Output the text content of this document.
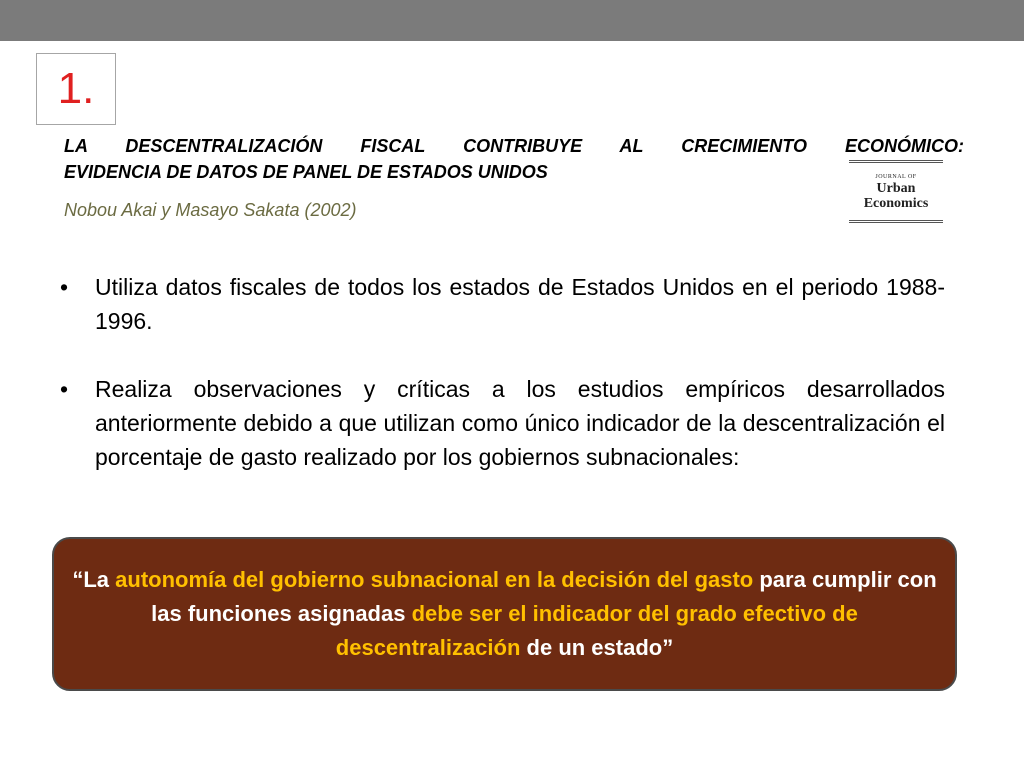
1.
LA DESCENTRALIZACIÓN FISCAL CONTRIBUYE AL CRECIMIENTO ECONÓMICO:
EVIDENCIA DE DATOS DE PANEL DE ESTADOS UNIDOS
Nobou Akai y Masayo Sakata (2002)
JOURNAL OF
Urban
Economics
• Utiliza datos fiscales de todos los estados de Estados Unidos en el periodo 1988-1996.
• Realiza observaciones y críticas a los estudios empíricos desarrollados anteriormente debido a que utilizan como único indicador de la descentralización el porcentaje de gasto realizado por los gobiernos subnacionales:
“La autonomía del gobierno subnacional en la decisión del gasto para cumplir con las funciones asignadas debe ser el indicador del grado efectivo de descentralización de un estado”
